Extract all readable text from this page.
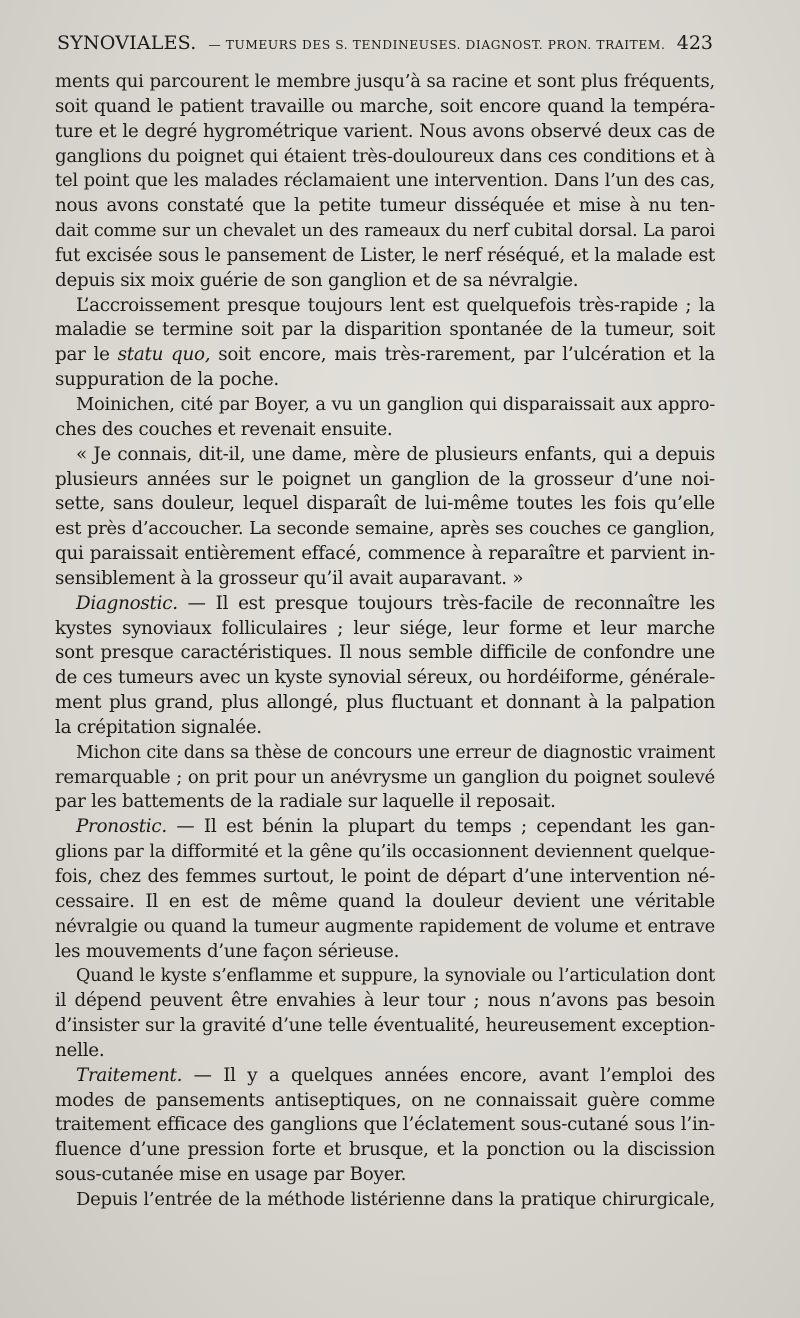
SYNOVIALES. — TUMEURS DES S. TENDINEUSES. DIAGNOST. PRON. TRAITEM. 423
ments qui parcourent le membre jusqu’à sa racine et sont plus fréquents,
soit quand le patient travaille ou marche, soit encore quand la tempéra-
ture et le degré hygrométrique varient. Nous avons observé deux cas de
ganglions du poignet qui étaient très-douloureux dans ces conditions et à
tel point que les malades réclamaient une intervention. Dans l’un des cas,
nous avons constaté que la petite tumeur disséquée et mise à nu ten-
dait comme sur un chevalet un des rameaux du nerf cubital dorsal. La paroi
fut excisée sous le pansement de Lister, le nerf réséqué, et la malade est
depuis six moix guérie de son ganglion et de sa névralgie.
L’accroissement presque toujours lent est quelquefois très-rapide ; la
maladie se termine soit par la disparition spontanée de la tumeur, soit
par le statu quo, soit encore, mais très-rarement, par l’ulcération et la
suppuration de la poche.
Moinichen, cité par Boyer, a vu un ganglion qui disparaissait aux appro-
ches des couches et revenait ensuite.
« Je connais, dit-il, une dame, mère de plusieurs enfants, qui a depuis
plusieurs années sur le poignet un ganglion de la grosseur d’une noi-
sette, sans douleur, lequel disparaît de lui-même toutes les fois qu’elle
est près d’accoucher. La seconde semaine, après ses couches ce ganglion,
qui paraissait entièrement effacé, commence à reparaître et parvient in-
sensiblement à la grosseur qu’il avait auparavant. »
Diagnostic. — Il est presque toujours très-facile de reconnaître les
kystes synoviaux folliculaires ; leur siége, leur forme et leur marche
sont presque caractéristiques. Il nous semble difficile de confondre une
de ces tumeurs avec un kyste synovial séreux, ou hordéiforme, générale-
ment plus grand, plus allongé, plus fluctuant et donnant à la palpation
la crépitation signalée.
Michon cite dans sa thèse de concours une erreur de diagnostic vraiment
remarquable ; on prit pour un anévrysme un ganglion du poignet soulevé
par les battements de la radiale sur laquelle il reposait.
Pronostic. — Il est bénin la plupart du temps ; cependant les gan-
glions par la difformité et la gêne qu’ils occasionnent deviennent quelque-
fois, chez des femmes surtout, le point de départ d’une intervention né-
cessaire. Il en est de même quand la douleur devient une véritable
névralgie ou quand la tumeur augmente rapidement de volume et entrave
les mouvements d’une façon sérieuse.
Quand le kyste s’enflamme et suppure, la synoviale ou l’articulation dont
il dépend peuvent être envahies à leur tour ; nous n’avons pas besoin
d’insister sur la gravité d’une telle éventualité, heureusement exception-
nelle.
Traitement. — Il y a quelques années encore, avant l’emploi des
modes de pansements antiseptiques, on ne connaissait guère comme
traitement efficace des ganglions que l’éclatement sous-cutané sous l’in-
fluence d’une pression forte et brusque, et la ponction ou la discission
sous-cutanée mise en usage par Boyer.
Depuis l’entrée de la méthode listérienne dans la pratique chirurgicale,
